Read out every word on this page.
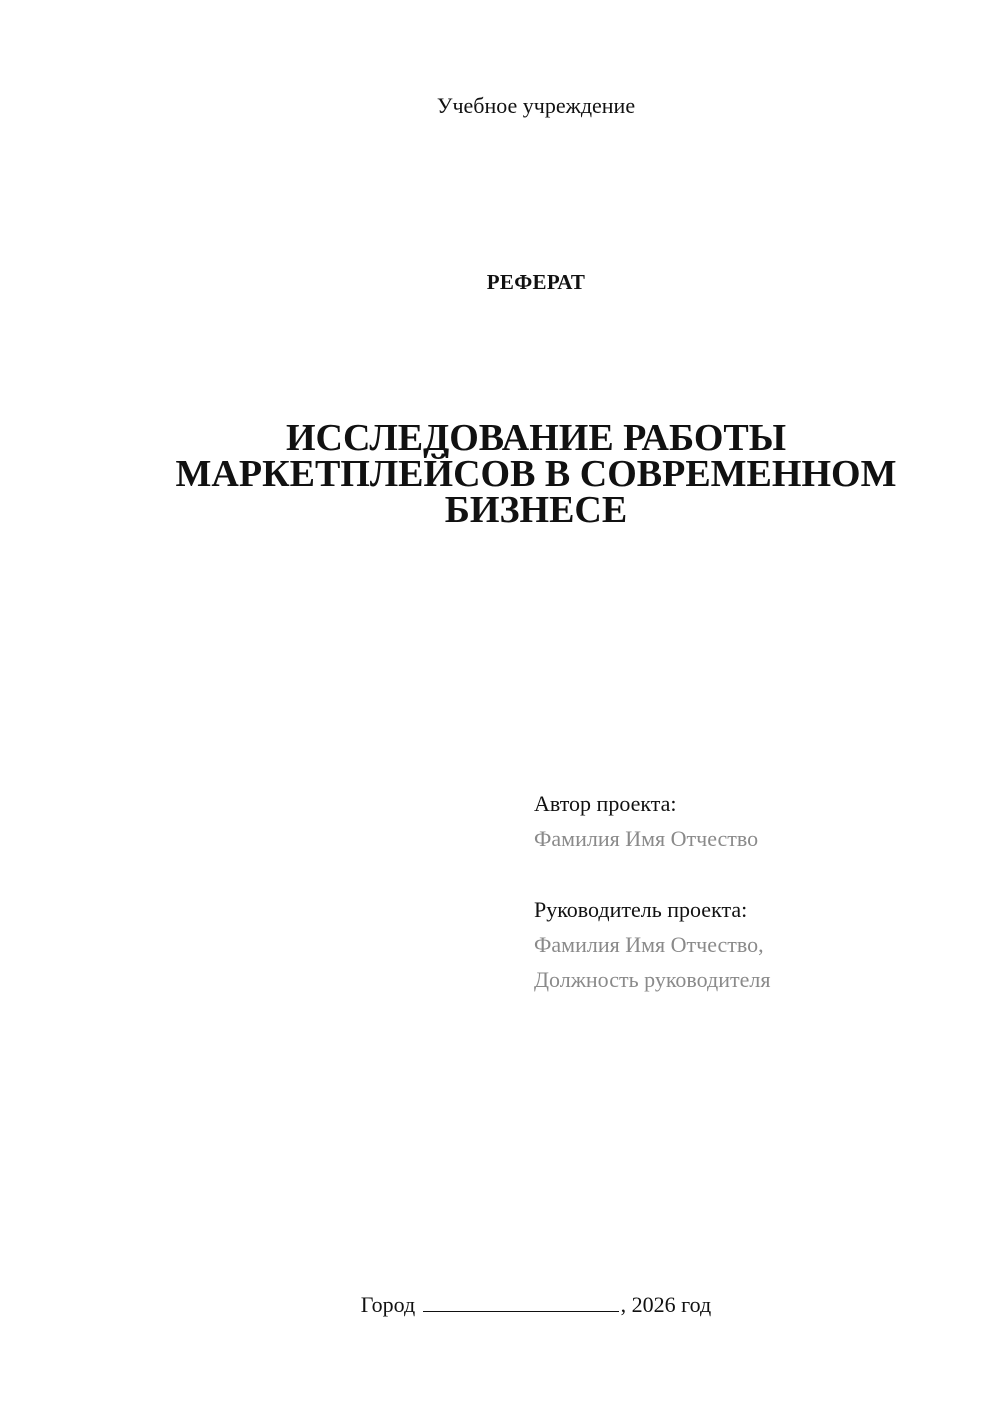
Учебное учреждение
РЕФЕРАТ
ИССЛЕДОВАНИЕ РАБОТЫ
МАРКЕТПЛЕЙСОВ В СОВРЕМЕННОМ
БИЗНЕСЕ
Автор проекта:
Фамилия Имя Отчество
Руководитель проекта:
Фамилия Имя Отчество,
Должность руководителя
Город	, 2026 год
